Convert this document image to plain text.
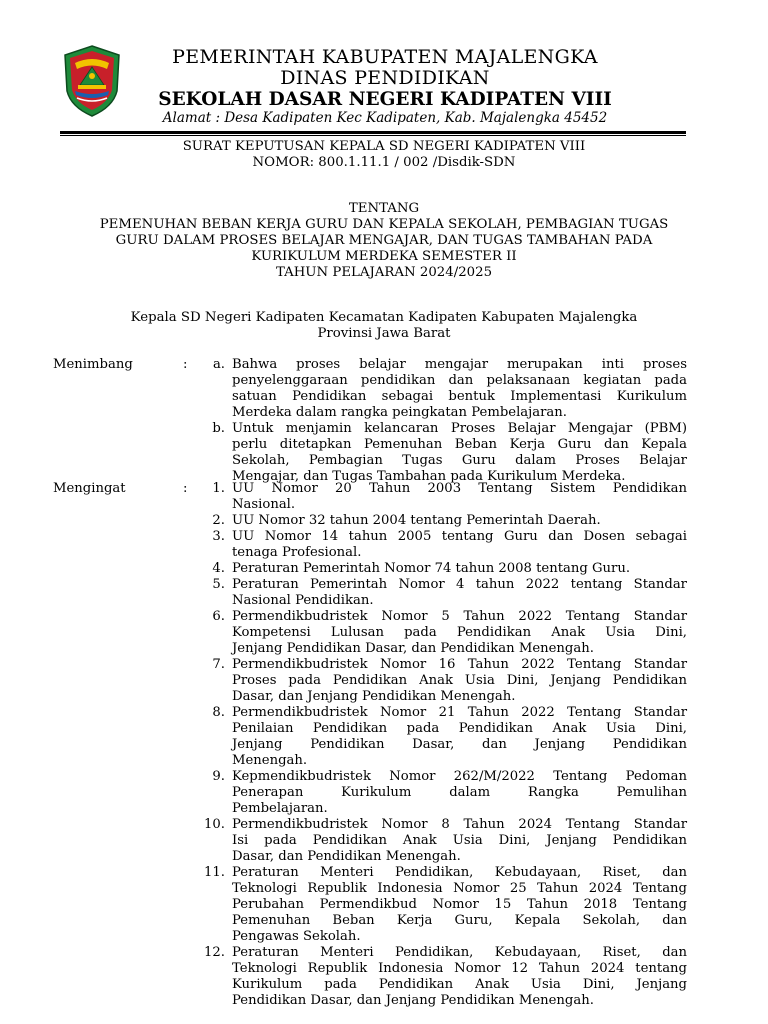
PEMERINTAH KABUPATEN MAJALENGKA
DINAS PENDIDIKAN
SEKOLAH DASAR NEGERI KADIPATEN VIII
Alamat : Desa Kadipaten Kec Kadipaten, Kab. Majalengka 45452
SURAT KEPUTUSAN KEPALA SD NEGERI KADIPATEN VIII
NOMOR: 800.1.11.1 / 002 /Disdik-SDN
TENTANG
PEMENUHAN BEBAN KERJA GURU DAN KEPALA SEKOLAH, PEMBAGIAN TUGAS
GURU DALAM PROSES BELAJAR MENGAJAR, DAN TUGAS TAMBAHAN PADA
KURIKULUM MERDEKA SEMESTER II
TAHUN PELAJARAN 2024/2025
Kepala SD Negeri Kadipaten Kecamatan Kadipaten Kabupaten Majalengka
Provinsi Jawa Barat
Menimbang	:	a. Bahwa proses belajar mengajar merupakan inti proses
penyelenggaraan pendidikan dan pelaksanaan kegiatan pada
satuan Pendidikan sebagai bentuk Implementasi Kurikulum
Merdeka dalam rangka peingkatan Pembelajaran.
b. Untuk menjamin kelancaran Proses Belajar Mengajar (PBM)
perlu ditetapkan Pemenuhan Beban Kerja Guru dan Kepala
Sekolah, Pembagian Tugas Guru dalam Proses Belajar
Mengajar, dan Tugas Tambahan pada Kurikulum Merdeka.
Mengingat	:	1. UU Nomor 20 Tahun 2003 Tentang Sistem Pendidikan
Nasional.
2. UU Nomor 32 tahun 2004 tentang Pemerintah Daerah.
3. UU Nomor 14 tahun 2005 tentang Guru dan Dosen sebagai
tenaga Profesional.
4. Peraturan Pemerintah Nomor 74 tahun 2008 tentang Guru.
5. Peraturan Pemerintah Nomor 4 tahun 2022 tentang Standar
Nasional Pendidikan.
6. Permendikbudristek Nomor 5 Tahun 2022 Tentang Standar
Kompetensi Lulusan pada Pendidikan Anak Usia Dini,
Jenjang Pendidikan Dasar, dan Pendidikan Menengah.
7. Permendikbudristek Nomor 16 Tahun 2022 Tentang Standar
Proses pada Pendidikan Anak Usia Dini, Jenjang Pendidikan
Dasar, dan Jenjang Pendidikan Menengah.
8. Permendikbudristek Nomor 21 Tahun 2022 Tentang Standar
Penilaian Pendidikan pada Pendidikan Anak Usia Dini,
Jenjang Pendidikan Dasar, dan Jenjang Pendidikan
Menengah.
9. Kepmendikbudristek Nomor 262/M/2022 Tentang Pedoman
Penerapan Kurikulum dalam Rangka Pemulihan
Pembelajaran.
10. Permendikbudristek Nomor 8 Tahun 2024 Tentang Standar
Isi pada Pendidikan Anak Usia Dini, Jenjang Pendidikan
Dasar, dan Pendidikan Menengah.
11. Peraturan Menteri Pendidikan, Kebudayaan, Riset, dan
Teknologi Republik Indonesia Nomor 25 Tahun 2024 Tentang
Perubahan Permendikbud Nomor 15 Tahun 2018 Tentang
Pemenuhan Beban Kerja Guru, Kepala Sekolah, dan
Pengawas Sekolah.
12. Peraturan Menteri Pendidikan, Kebudayaan, Riset, dan
Teknologi Republik Indonesia Nomor 12 Tahun 2024 tentang
Kurikulum pada Pendidikan Anak Usia Dini, Jenjang
Pendidikan Dasar, dan Jenjang Pendidikan Menengah.
